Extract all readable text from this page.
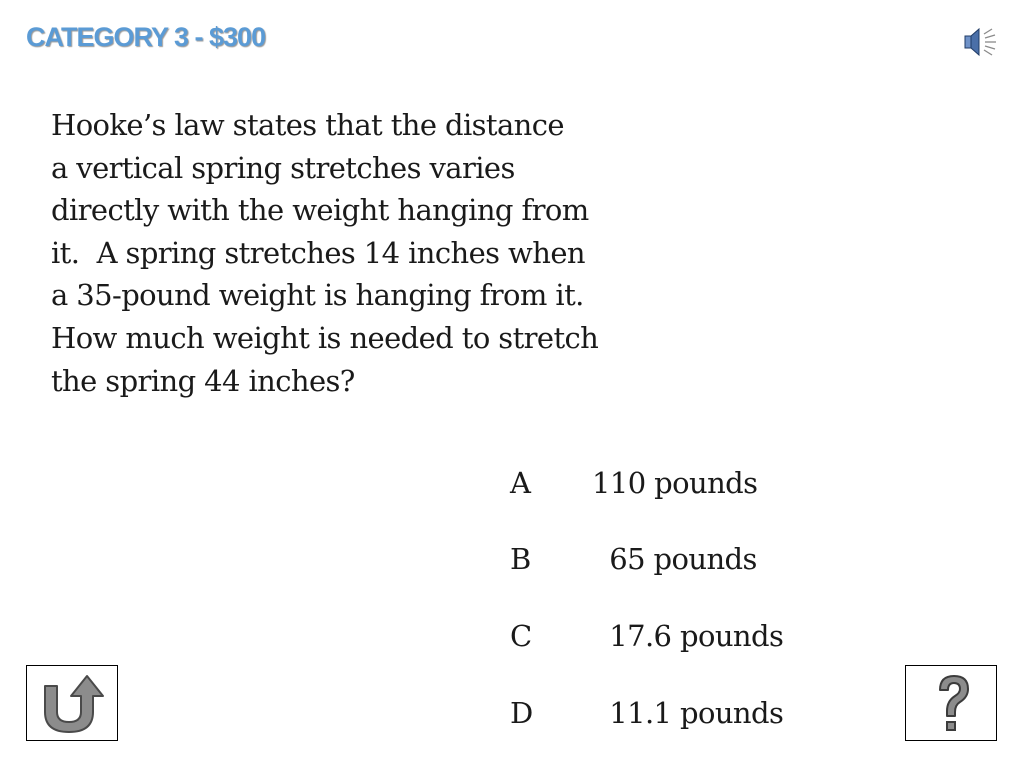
CATEGORY 3 - $300
Hooke’s law states that the distance
a vertical spring stretches varies
directly with the weight hanging from
it.  A spring stretches 14 inches when
a 35-pound weight is hanging from it.
How much weight is needed to stretch
the spring 44 inches?
A 110 pounds
B  65 pounds
C  17.6 pounds
D  11.1 pounds
